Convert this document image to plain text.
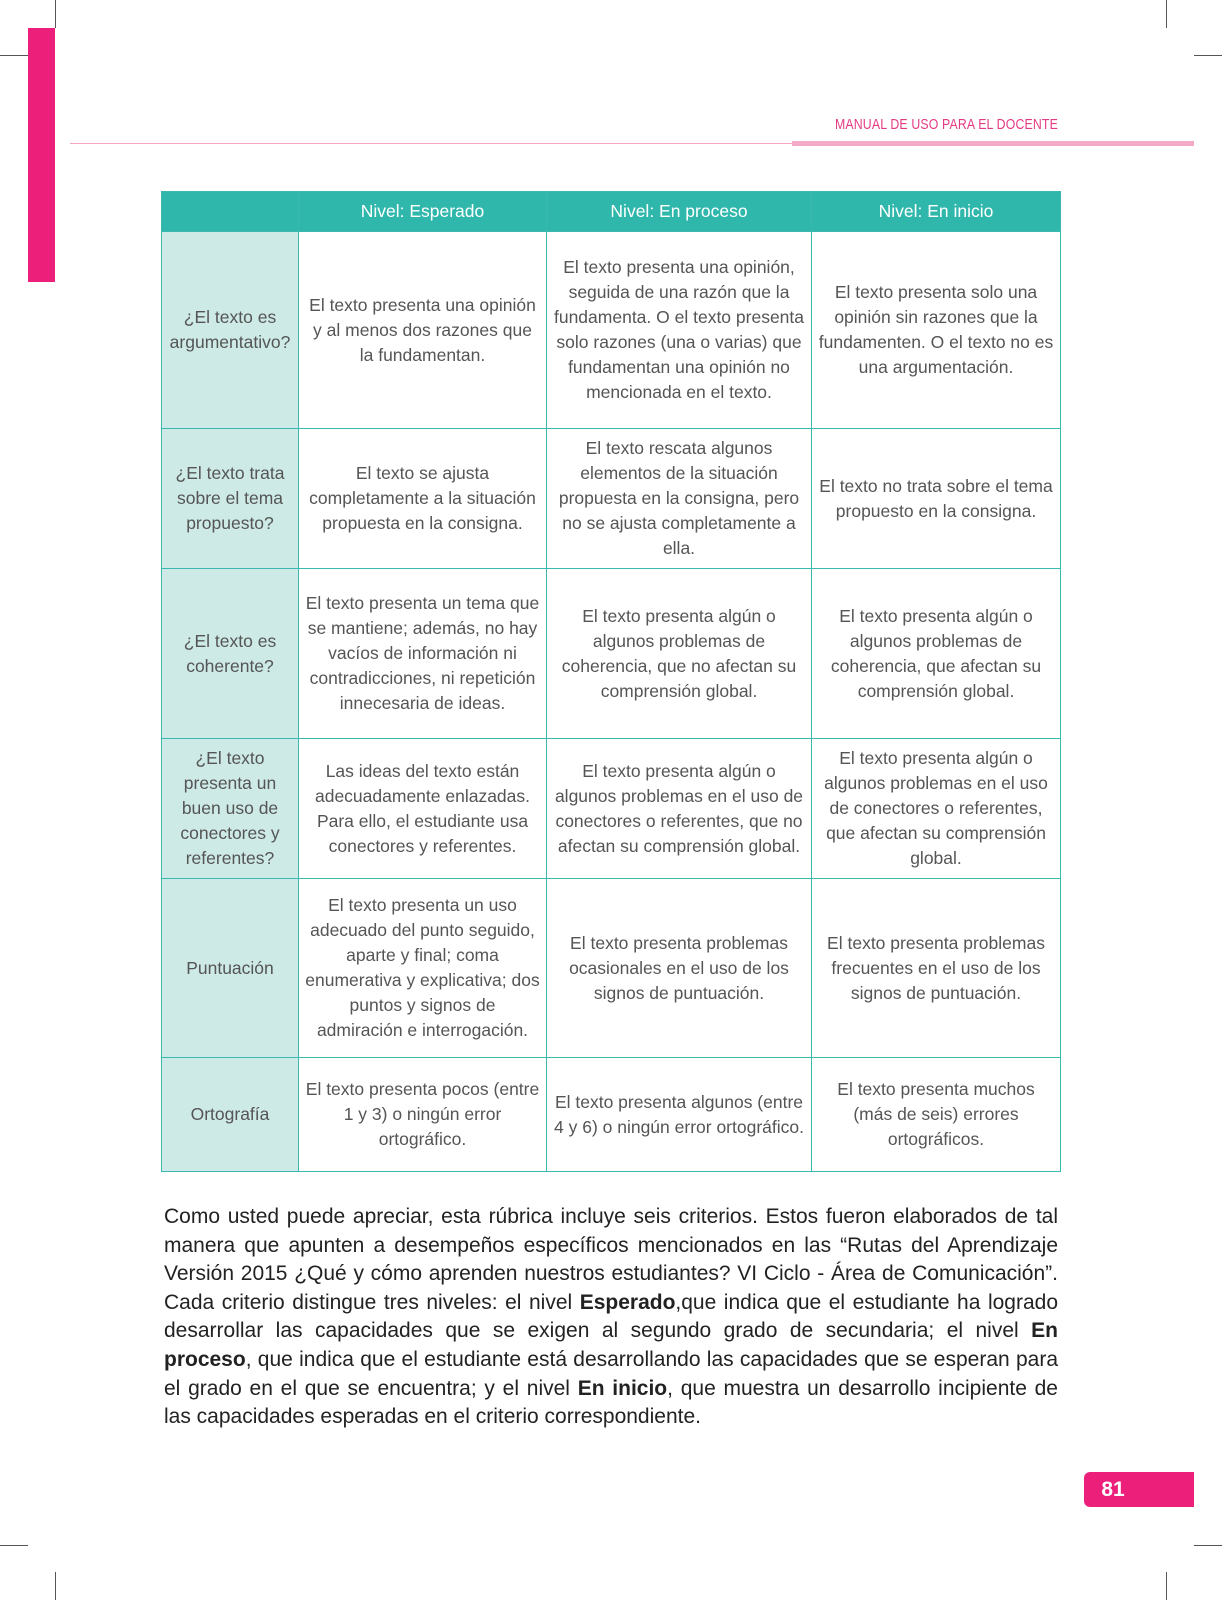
MANUAL DE USO PARA EL DOCENTE
	Nivel: Esperado	Nivel: En proceso	Nivel: En inicio
¿El texto es argumentativo?	El texto presenta una opinión y al menos dos razones que la fundamentan.	El texto presenta una opinión, seguida de una razón que la fundamenta. O el texto presenta solo razones (una o varias) que fundamentan una opinión no mencionada en el texto.	El texto presenta solo una opinión sin razones que la fundamenten. O el texto no es una argumentación.
¿El texto trata sobre el tema propuesto?	El texto se ajusta completamente a la situación propuesta en la consigna.	El texto rescata algunos elementos de la situación propuesta en la consigna, pero no se ajusta completamente a ella.	El texto no trata sobre el tema propuesto en la consigna.
¿El texto es coherente?	El texto presenta un tema que se mantiene; además, no hay vacíos de información ni contradicciones, ni repetición innecesaria de ideas.	El texto presenta algún o algunos problemas de coherencia, que no afectan su comprensión global.	El texto presenta algún o algunos problemas de coherencia, que afectan su comprensión global.
¿El texto presenta un buen uso de conectores y referentes?	Las ideas del texto están adecuadamente enlazadas. Para ello, el estudiante usa conectores y referentes.	El texto presenta algún o algunos problemas en el uso de conectores o referentes, que no afectan su comprensión global.	El texto presenta algún o algunos problemas en el uso de conectores o referentes, que afectan su comprensión global.
Puntuación	El texto presenta un uso adecuado del punto seguido, aparte y final; coma enumerativa y explicativa; dos puntos y signos de admiración e interrogación.	El texto presenta problemas ocasionales en el uso de los signos de puntuación.	El texto presenta problemas frecuentes en el uso de los signos de puntuación.
Ortografía	El texto presenta pocos (entre 1 y 3) o ningún error ortográfico.	El texto presenta algunos (entre 4 y 6) o ningún error ortográfico.	El texto presenta muchos (más de seis) errores ortográficos.
Como usted puede apreciar, esta rúbrica incluye seis criterios. Estos fueron elaborados de tal manera que apunten a desempeños específicos mencionados en las “Rutas del Aprendizaje Versión 2015 ¿Qué y cómo aprenden nuestros estudiantes? VI Ciclo - Área de Comunicación”. Cada criterio distingue tres niveles: el nivel Esperado,que indica que el estudiante ha logrado desarrollar las capacidades que se exigen al segundo grado de secundaria; el nivel En proceso, que indica que el estudiante está desarrollando las capacidades que se esperan para el grado en el que se encuentra; y el nivel En inicio, que muestra un desarrollo incipiente de las capacidades esperadas en el criterio correspondiente.
81
